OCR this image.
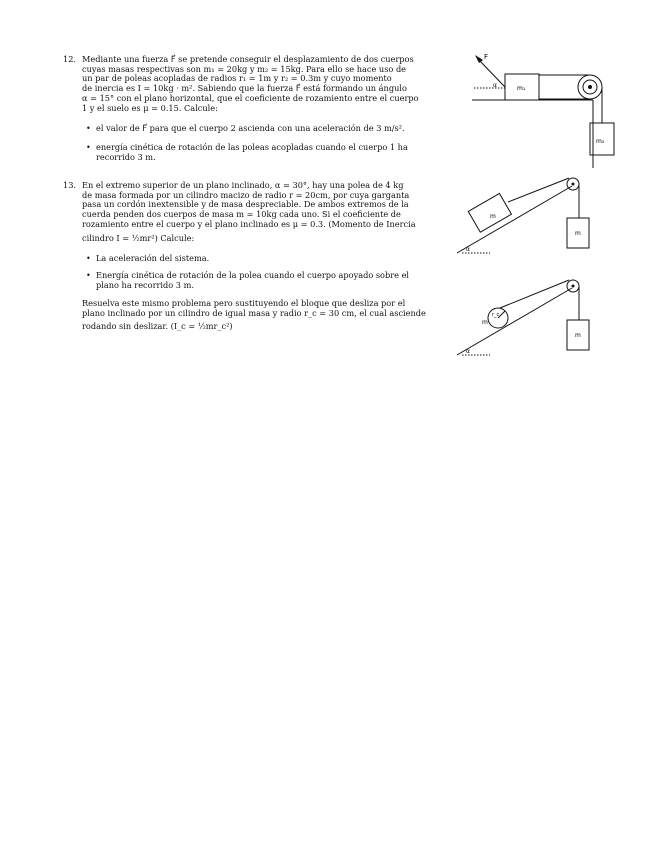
12. Mediante una fuerza F⃗ se pretende conseguir el desplazamiento de dos cuerpos
cuyas masas respectivas son m₁ = 20kg y m₂ = 15kg. Para ello se hace uso de
un par de poleas acopladas de radios r₁ = 1m y r₂ = 0.3m y cuyo momento
de inercia es I = 10kg · m². Sabiendo que la fuerza F⃗ está formando un ángulo
α = 15° con el plano horizontal, que el coeficiente de rozamiento entre el cuerpo
1 y el suelo es μ = 0.15. Calcule:
• el valor de F⃗ para que el cuerpo 2 ascienda con una aceleración de 3 m/s².
• energía cinética de rotación de las poleas acopladas cuando el cuerpo 1 ha
recorrido 3 m.
13. En el extremo superior de un plano inclinado, α = 30°, hay una polea de 4 kg
de masa formada por un cilindro macizo de radio r = 20cm, por cuya garganta
pasa un cordón inextensible y de masa despreciable. De ambos extremos de la
cuerda penden dos cuerpos de masa m = 10kg cada uno. Si el coeficiente de
rozamiento entre el cuerpo y el plano inclinado es μ = 0.3. (Momento de Inercia
cilindro I = ½mr²) Calcule:
• La aceleración del sistema.
• Energía cinética de rotación de la polea cuando el cuerpo apoyado sobre el
plano ha recorrido 3 m.
Resuelva este mismo problema pero sustituyendo el bloque que desliza por el
plano inclinado por un cilindro de igual masa y radio r_c = 30 cm, el cual asciende
rodando sin deslizar. (I_c = ½mr_c²)
F
α	m₁
m₂
α
m
m
α
m
r_c
m
